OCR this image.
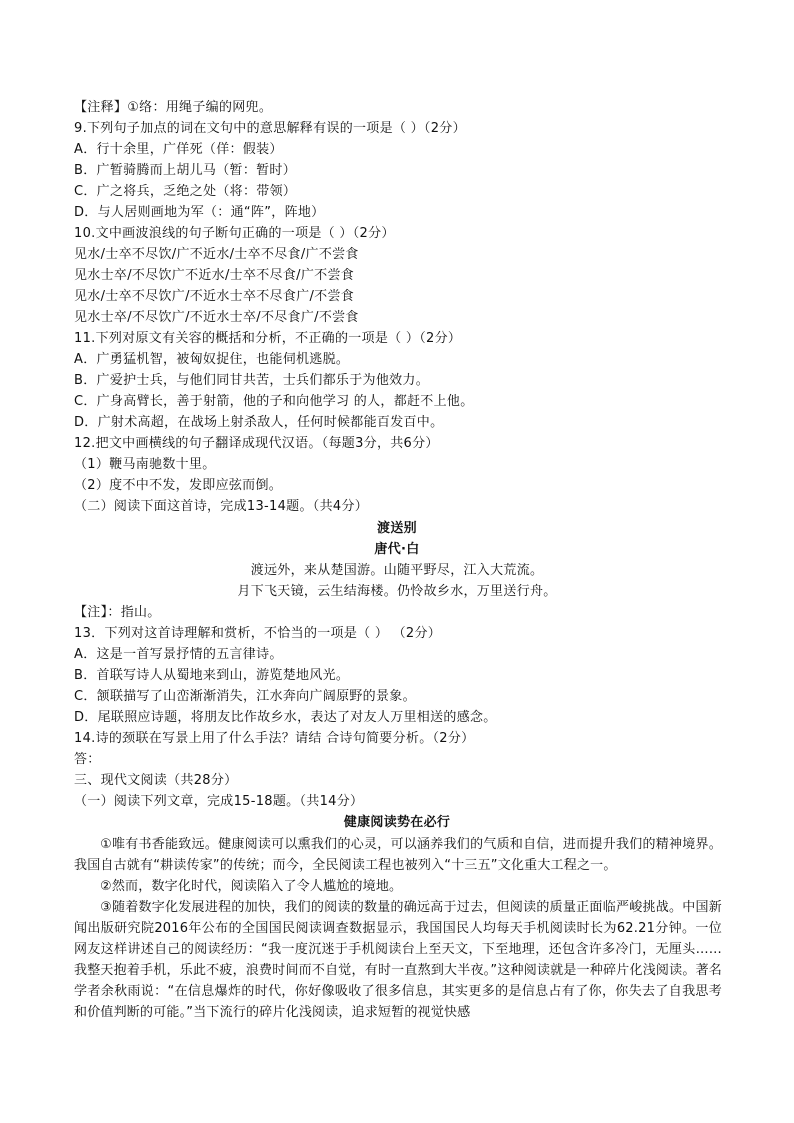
【注释】①络：用绳子编的网兜。
9.下列句子加点的词在文句中的意思解释有误的一项是（ ）（2分）
A．行十余里，广佯死（佯：假装）
B．广暂骑腾而上胡儿马（暂：暂时）
C．广之将兵，乏绝之处（将：带领）
D．与人居则画地为军（：通“阵”，阵地）
10.文中画波浪线的句子断句正确的一项是（ ）（2分）
见水/士卒不尽饮/广不近水/士卒不尽食/广不尝食
见水士卒/不尽饮广不近水/士卒不尽食/广不尝食
见水/士卒不尽饮广/不近水士卒不尽食广/不尝食
见水士卒/不尽饮广/不近水士卒/不尽食广/不尝食
11.下列对原文有关容的概括和分析，不正确的一项是（ ）（2分）
A．广勇猛机智，被匈奴捉住，也能伺机逃脱。
B．广爱护士兵，与他们同甘共苦，士兵们都乐于为他效力。
C．广身高臂长，善于射箭，他的子和向他学习 的人，都赶不上他。
D．广射术高超，在战场上射杀敌人，任何时候都能百发百中。
12.把文中画横线的句子翻译成现代汉语。（每题3分，共6分）
（1）鞭马南驰数十里。
（2）度不中不发，发即应弦而倒。
（二）阅读下面这首诗，完成13-14题。（共4分）
渡送别
唐代·白
渡远外，来从楚国游。山随平野尽，江入大荒流。
月下飞天镜，云生结海楼。仍怜故乡水，万里送行舟。
【注】：指山。
13．下列对这首诗理解和赏析，不恰当的一项是（ ） （2分）
A．这是一首写景抒情的五言律诗。
B．首联写诗人从蜀地来到山，游览楚地风光。
C．颔联描写了山峦渐渐消失，江水奔向广阔原野的景象。
D．尾联照应诗题，将朋友比作故乡水，表达了对友人万里相送的感念。
14.诗的颈联在写景上用了什么手法？请结 合诗句简要分析。（2分）
答：
三、现代文阅读（共28分）
（一）阅读下列文章，完成15-18题。（共14分）
健康阅读势在必行
①唯有书香能致远。健康阅读可以熏我们的心灵，可以涵养我们的气质和自信，进而提升我们的精神境界。我国自古就有“耕读传家”的传统；而今，全民阅读工程也被列入“十三五”文化重大工程之一。
②然而，数字化时代，阅读陷入了令人尴尬的境地。
③随着数字化发展进程的加快，我们的阅读的数量的确远高于过去，但阅读的质量正面临严峻挑战。中国新闻出版研究院2016年公布的全国国民阅读调查数据显示，我国国民人均每天手机阅读时长为62.21分钟。一位网友这样讲述自己的阅读经历：“我一度沉迷于手机阅读台上至天文，下至地理，还包含许多冷门，无厘头……我整天抱着手机，乐此不疲，浪费时间而不自觉，有时一直熬到大半夜。”这种阅读就是一种碎片化浅阅读。著名学者余秋雨说：“在信息爆炸的时代，你好像吸收了很多信息，其实更多的是信息占有了你，你失去了自我思考和价值判断的可能。”当下流行的碎片化浅阅读，追求短暂的视觉快感
